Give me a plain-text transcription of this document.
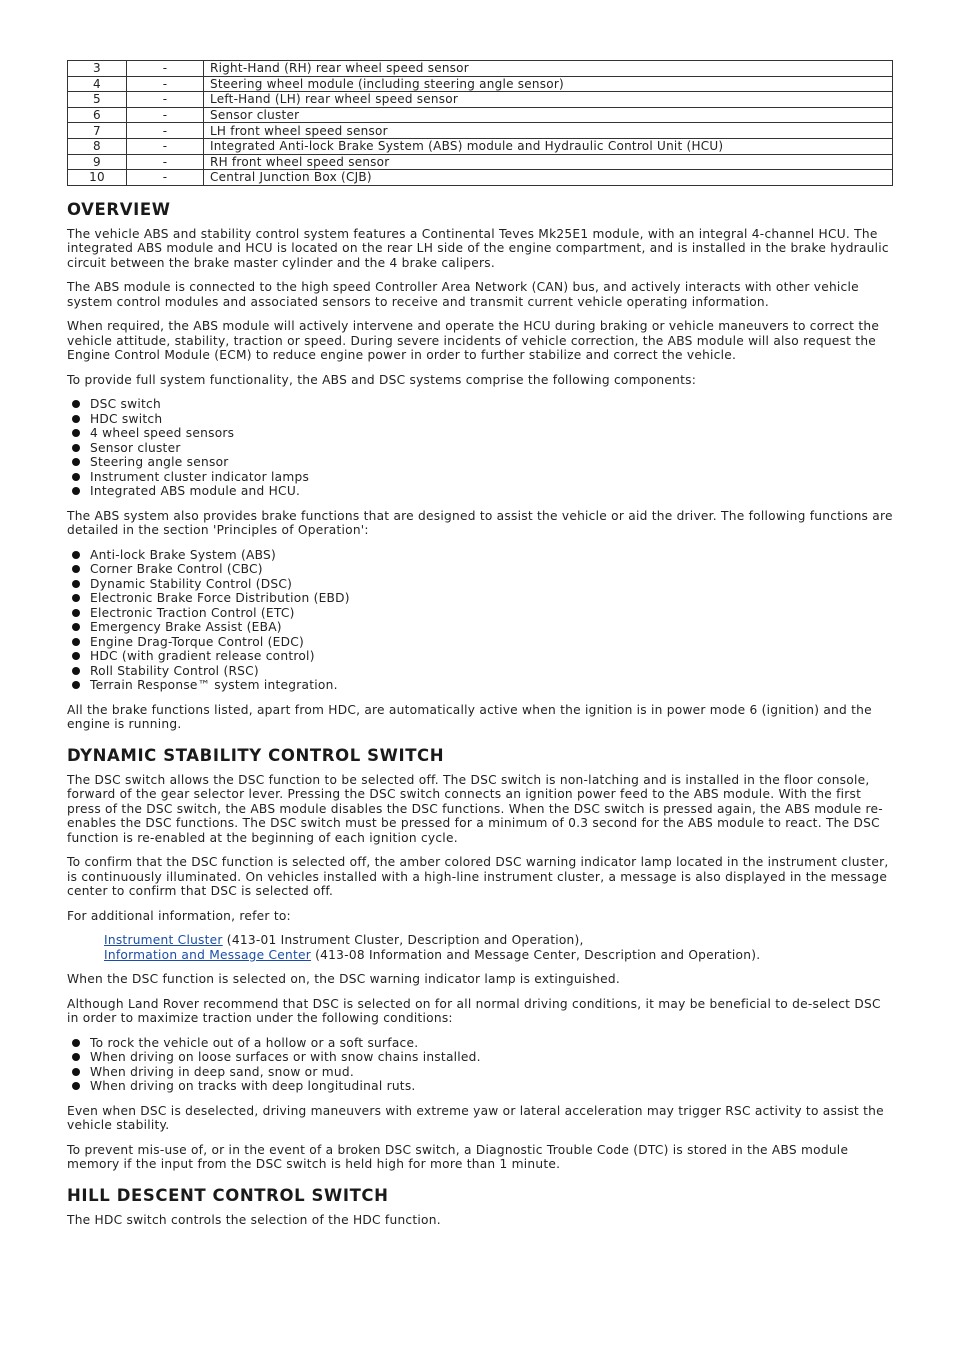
3	-	Right-Hand (RH) rear wheel speed sensor
4	-	Steering wheel module (including steering angle sensor)
5	-	Left-Hand (LH) rear wheel speed sensor
6	-	Sensor cluster
7	-	LH front wheel speed sensor
8	-	Integrated Anti-lock Brake System (ABS) module and Hydraulic Control Unit (HCU)
9	-	RH front wheel speed sensor
10	-	Central Junction Box (CJB)
OVERVIEW

The vehicle ABS and stability control system features a Continental Teves Mk25E1 module, with an integral 4-channel HCU. The integrated ABS module and HCU is located on the rear LH side of the engine compartment, and is installed in the brake hydraulic circuit between the brake master cylinder and the 4 brake calipers.

The ABS module is connected to the high speed Controller Area Network (CAN) bus, and actively interacts with other vehicle system control modules and associated sensors to receive and transmit current vehicle operating information.

When required, the ABS module will actively intervene and operate the HCU during braking or vehicle maneuvers to correct the vehicle attitude, stability, traction or speed. During severe incidents of vehicle correction, the ABS module will also request the Engine Control Module (ECM) to reduce engine power in order to further stabilize and correct the vehicle.

To provide full system functionality, the ABS and DSC systems comprise the following components:

DSC switch
HDC switch
4 wheel speed sensors
Sensor cluster
Steering angle sensor
Instrument cluster indicator lamps
Integrated ABS module and HCU.

The ABS system also provides brake functions that are designed to assist the vehicle or aid the driver. The following functions are detailed in the section 'Principles of Operation':

Anti-lock Brake System (ABS)
Corner Brake Control (CBC)
Dynamic Stability Control (DSC)
Electronic Brake Force Distribution (EBD)
Electronic Traction Control (ETC)
Emergency Brake Assist (EBA)
Engine Drag-Torque Control (EDC)
HDC (with gradient release control)
Roll Stability Control (RSC)
Terrain Response™ system integration.

All the brake functions listed, apart from HDC, are automatically active when the ignition is in power mode 6 (ignition) and the engine is running.

DYNAMIC STABILITY CONTROL SWITCH

The DSC switch allows the DSC function to be selected off. The DSC switch is non-latching and is installed in the floor console, forward of the gear selector lever. Pressing the DSC switch connects an ignition power feed to the ABS module. With the first press of the DSC switch, the ABS module disables the DSC functions. When the DSC switch is pressed again, the ABS module re-enables the DSC functions. The DSC switch must be pressed for a minimum of 0.3 second for the ABS module to react. The DSC function is re-enabled at the beginning of each ignition cycle.

To confirm that the DSC function is selected off, the amber colored DSC warning indicator lamp located in the instrument cluster, is continuously illuminated. On vehicles installed with a high-line instrument cluster, a message is also displayed in the message center to confirm that DSC is selected off.

For additional information, refer to:

Instrument Cluster (413-01 Instrument Cluster, Description and Operation),
Information and Message Center (413-08 Information and Message Center, Description and Operation).

When the DSC function is selected on, the DSC warning indicator lamp is extinguished.

Although Land Rover recommend that DSC is selected on for all normal driving conditions, it may be beneficial to de-select DSC in order to maximize traction under the following conditions:

To rock the vehicle out of a hollow or a soft surface.
When driving on loose surfaces or with snow chains installed.
When driving in deep sand, snow or mud.
When driving on tracks with deep longitudinal ruts.

Even when DSC is deselected, driving maneuvers with extreme yaw or lateral acceleration may trigger RSC activity to assist the vehicle stability.

To prevent mis-use of, or in the event of a broken DSC switch, a Diagnostic Trouble Code (DTC) is stored in the ABS module memory if the input from the DSC switch is held high for more than 1 minute.

HILL DESCENT CONTROL SWITCH

The HDC switch controls the selection of the HDC function.
